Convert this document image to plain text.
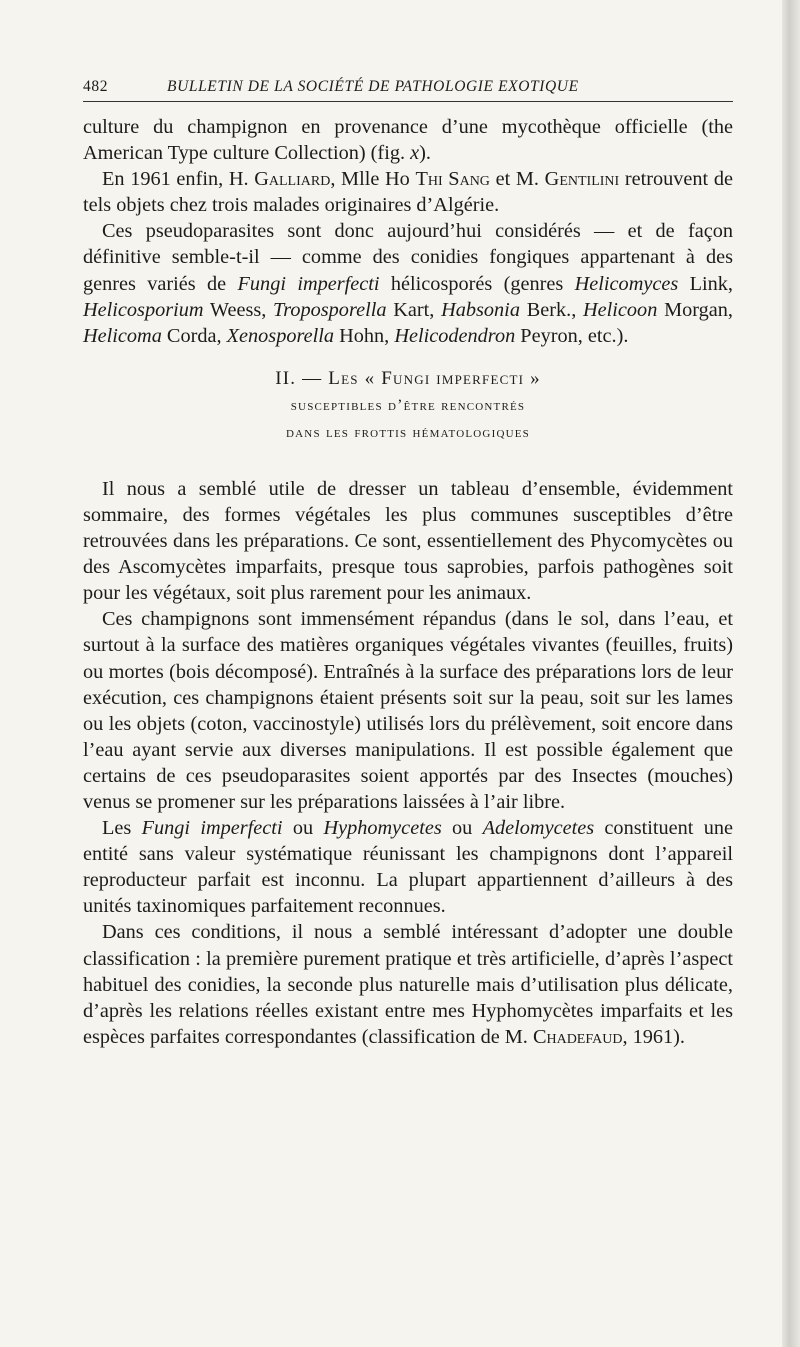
482	BULLETIN DE LA SOCIÉTÉ DE PATHOLOGIE EXOTIQUE

culture du champignon en provenance d’une mycothèque officielle (the American Type culture Collection) (fig. x).

En 1961 enfin, H. Galliard, Mlle Ho Thi Sang et M. Gentilini retrouvent de tels objets chez trois malades originaires d’Algérie.

Ces pseudoparasites sont donc aujourd’hui considérés — et de façon définitive semble-t-il — comme des conidies fongiques appartenant à des genres variés de Fungi imperfecti hélicosporés (genres Helicomyces Link, Helicosporium Weess, Troposporella Kart, Habsonia Berk., Helicoon Morgan, Helicoma Corda, Xenosporella Hohn, Helicodendron Peyron, etc.).

II. — Les « Fungi imperfecti »
susceptibles d’être rencontrés
dans les frottis hématologiques

Il nous a semblé utile de dresser un tableau d’ensemble, évidemment sommaire, des formes végétales les plus communes susceptibles d’être retrouvées dans les préparations. Ce sont, essentiellement des Phycomycètes ou des Ascomycètes imparfaits, presque tous saprobies, parfois pathogènes soit pour les végétaux, soit plus rarement pour les animaux.

Ces champignons sont immensément répandus (dans le sol, dans l’eau, et surtout à la surface des matières organiques végétales vivantes (feuilles, fruits) ou mortes (bois décomposé). Entraînés à la surface des préparations lors de leur exécution, ces champignons étaient présents soit sur la peau, soit sur les lames ou les objets (coton, vaccinostyle) utilisés lors du prélèvement, soit encore dans l’eau ayant servie aux diverses manipulations. Il est possible également que certains de ces pseudoparasites soient apportés par des Insectes (mouches) venus se promener sur les préparations laissées à l’air libre.

Les Fungi imperfecti ou Hyphomycetes ou Adelomycetes constituent une entité sans valeur systématique réunissant les champignons dont l’appareil reproducteur parfait est inconnu. La plupart appartiennent d’ailleurs à des unités taxinomiques parfaitement reconnues.

Dans ces conditions, il nous a semblé intéressant d’adopter une double classification : la première purement pratique et très artificielle, d’après l’aspect habituel des conidies, la seconde plus naturelle mais d’utilisation plus délicate, d’après les relations réelles existant entre mes Hyphomycètes imparfaits et les espèces parfaites correspondantes (classification de M. Chadefaud, 1961).
